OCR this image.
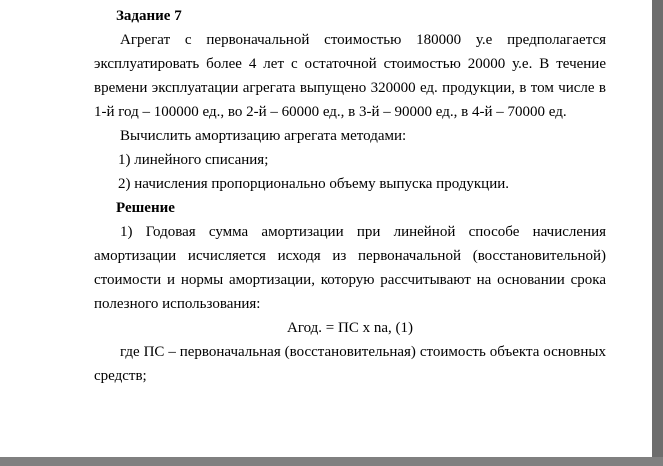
Задание 7

Агрегат с первоначальной стоимостью 180000 у.е предполагается эксплуатировать более 4 лет с остаточной стоимостью 20000 у.е. В течение времени эксплуатации агрегата выпущено 320000 ед. продукции, в том числе в 1-й год – 100000 ед., во 2-й – 60000 ед., в 3-й – 90000 ед., в 4-й – 70000 ед.

Вычислить амортизацию агрегата методами:

1) линейного списания;

2) начисления пропорционально объему выпуска продукции.

Решение

1) Годовая сумма амортизации при линейной способе начисления амортизации исчисляется исходя из первоначальной (восстановительной) стоимости и нормы амортизации, которую рассчитывают на основании срока полезного использования:

Агод. = ПС х na, (1)

где ПС – первоначальная (восстановительная) стоимость объекта основных средств;
